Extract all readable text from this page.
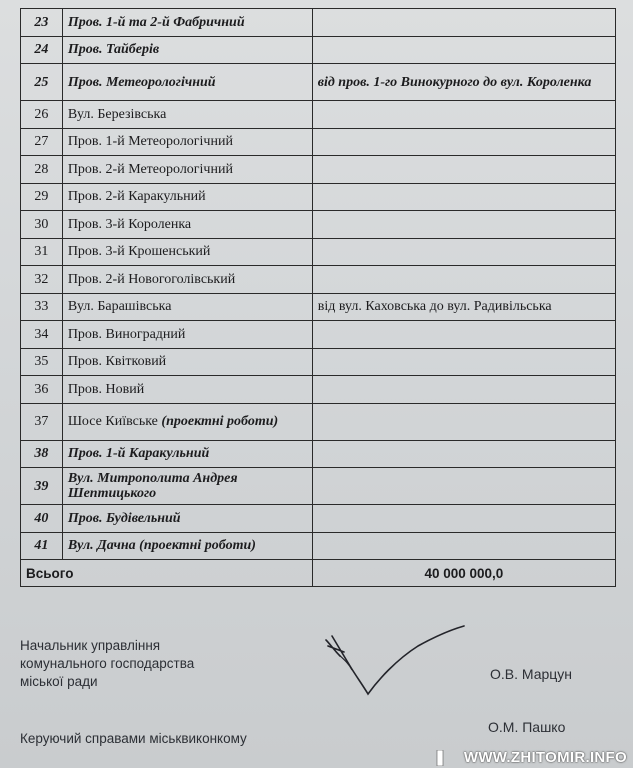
23	Пров. 1-й та 2-й Фабричний	
24	Пров. Тайберів	
25	Пров. Метеорологічний	від пров. 1-го Винокурного до вул. Короленка
26	Вул. Березівська	
27	Пров. 1-й Метеорологічний	
28	Пров. 2-й Метеорологічний	
29	Пров. 2-й Каракульний	
30	Пров. 3-й Короленка	
31	Пров. 3-й Крошенський	
32	Пров. 2-й Новогоголівський	
33	Вул. Барашівська	від вул. Каховська до вул. Радивільська
34	Пров. Виноградний	
35	Пров. Квітковий	
36	Пров. Новий	
37	Шосе Київське (проектні роботи)	
38	Пров. 1-й Каракульний	
39	Вул. Митрополита Андрея Шептицького	
40	Пров. Будівельний	
41	Вул. Дачна (проектні роботи)	
Всього		40 000 000,0
Начальник управління
комунального господарства
міської ради	О.В. Марцун
О.М. Пашко
Керуючий справами міськвиконкому
WWW.ZHITOMIR.INFO
